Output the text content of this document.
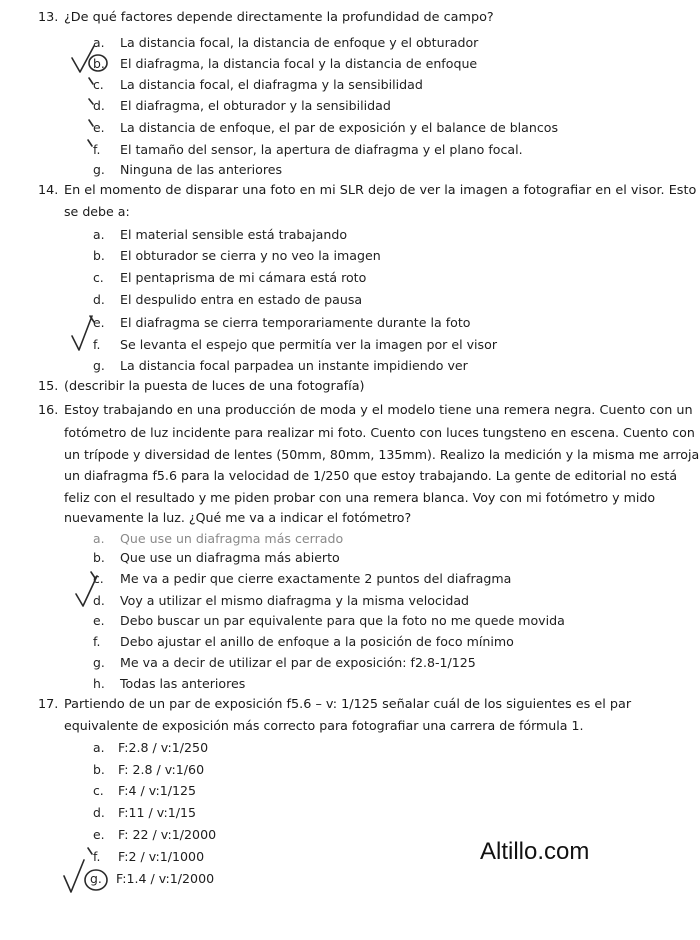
13. ¿De qué factores depende directamente la profundidad de campo?
a. La distancia focal, la distancia de enfoque y el obturador
b. El diafragma, la distancia focal y la distancia de enfoque
c. La distancia focal, el diafragma y la sensibilidad
d. El diafragma, el obturador y la sensibilidad
e. La distancia de enfoque, el par de exposición y el balance de blancos
f. El tamaño del sensor, la apertura de diafragma y el plano focal.
g. Ninguna de las anteriores
14. En el momento de disparar una foto en mi SLR dejo de ver la imagen a fotografiar en el visor. Esto
se debe a:
a. El material sensible está trabajando
b. El obturador se cierra y no veo la imagen
c. El pentaprisma de mi cámara está roto
d. El despulido entra en estado de pausa
e. El diafragma se cierra temporariamente durante la foto
f. Se levanta el espejo que permitía ver la imagen por el visor
g. La distancia focal parpadea un instante impidiendo ver
15. (describir la puesta de luces de una fotografía)
16. Estoy trabajando en una producción de moda y el modelo tiene una remera negra. Cuento con un
fotómetro de luz incidente para realizar mi foto. Cuento con luces tungsteno en escena. Cuento con
un trípode y diversidad de lentes (50mm, 80mm, 135mm). Realizo la medición y la misma me arroja
un diafragma f5.6 para la velocidad de 1/250 que estoy trabajando. La gente de editorial no está
feliz con el resultado y me piden probar con una remera blanca. Voy con mi fotómetro y mido
nuevamente la luz. ¿Qué me va a indicar el fotómetro?
a. Que use un diafragma más cerrado
b. Que use un diafragma más abierto
c. Me va a pedir que cierre exactamente 2 puntos del diafragma
d. Voy a utilizar el mismo diafragma y la misma velocidad
e. Debo buscar un par equivalente para que la foto no me quede movida
f. Debo ajustar el anillo de enfoque a la posición de foco mínimo
g. Me va a decir de utilizar el par de exposición: f2.8-1/125
h. Todas las anteriores
17. Partiendo de un par de exposición f5.6 – v: 1/125 señalar cuál de los siguientes es el par
equivalente de exposición más correcto para fotografiar una carrera de fórmula 1.
a. F:2.8 / v:1/250
b. F: 2.8 / v:1/60
c. F:4 / v:1/125
d. F:11 / v:1/15
e. F: 22 / v:1/2000
f. F:2 / v:1/1000
g. F:1.4 / v:1/2000
Altillo.com
